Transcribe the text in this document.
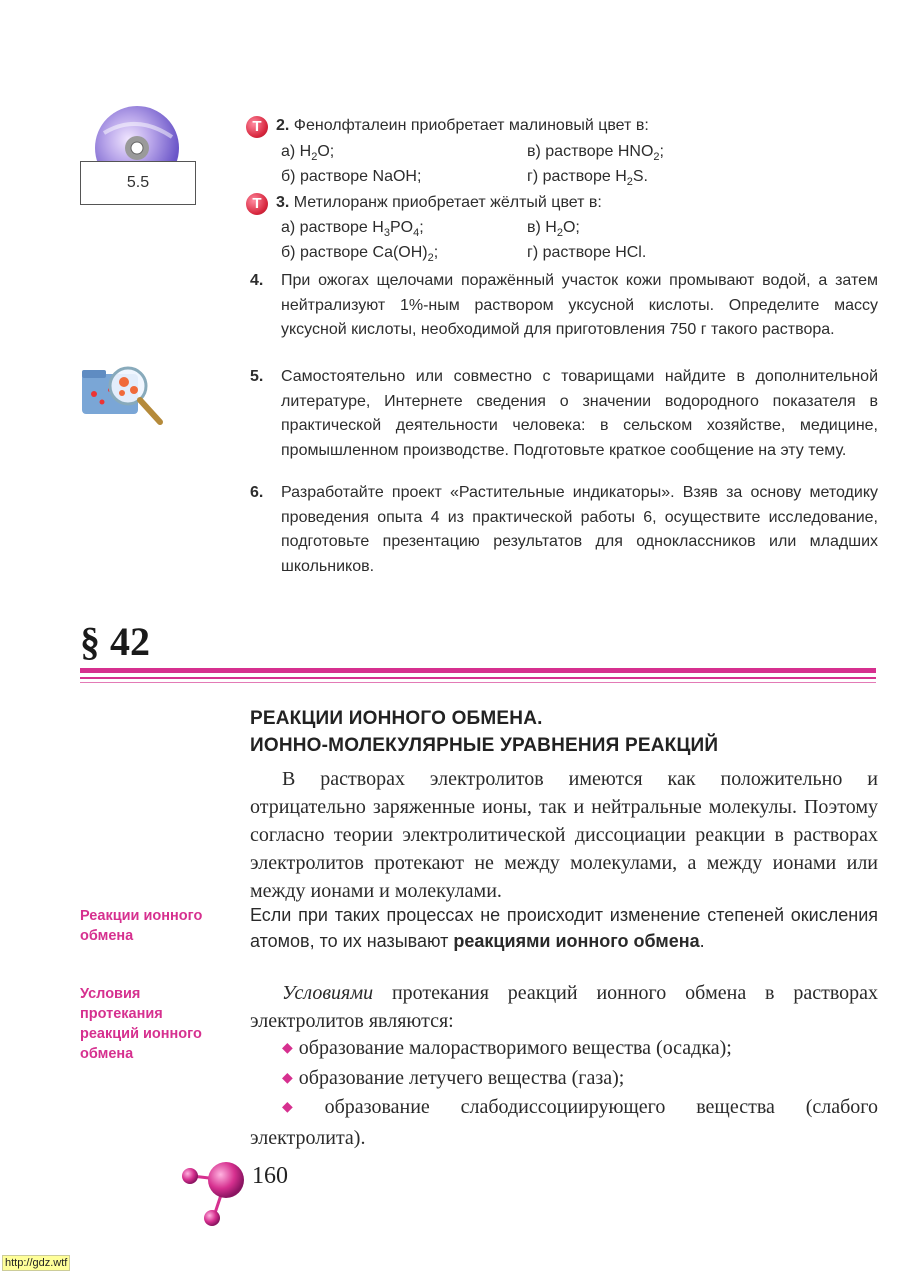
5.5
Т 2. Фенолфталеин приобретает малиновый цвет в:
а) $H_2O$;	в) растворе $HNO_2$;
б) растворе NaOH;	г) растворе $H_2S$.
Т 3. Метилоранж приобретает жёлтый цвет в:
а) растворе $H_3PO_4$;	в) $H_2O$;
б) растворе $Ca(OH)_2$;	г) растворе HCl.
4. При ожогах щелочами поражённый участок кожи промывают водой, а затем нейтрализуют 1%-ным раствором уксусной кислоты. Определите массу уксусной кислоты, необходимой для приготовления 750 г такого раствора.
5. Самостоятельно или совместно с товарищами найдите в дополнительной литературе, Интернете сведения о значении водородного показателя в практической деятельности человека: в сельском хозяйстве, медицине, промышленном производстве. Подготовьте краткое сообщение на эту тему.
6. Разработайте проект «Растительные индикаторы». Взяв за основу методику проведения опыта 4 из практической работы 6, осуществите исследование, подготовьте презентацию результатов для одноклассников или младших школьников.
§ 42
РЕАКЦИИ ИОННОГО ОБМЕНА.
ИОННО-МОЛЕКУЛЯРНЫЕ УРАВНЕНИЯ РЕАКЦИЙ
В растворах электролитов имеются как положительно и отрицательно заряженные ионы, так и нейтральные молекулы. Поэтому согласно теории электролитической диссоциации реакции в растворах электролитов протекают не между молекулами, а между ионами или между ионами и молекулами.
Реакции ионного обмена
Если при таких процессах не происходит изменение степеней окисления атомов, то их называют реакциями ионного обмена.
Условия протекания реакций ионного обмена
Условиями протекания реакций ионного обмена в растворах электролитов являются:
◆ образование малорастворимого вещества (осадка);
◆ образование летучего вещества (газа);
◆ образование слабодиссоциирующего вещества (слабого электролита).
160
http://gdz.wtf
